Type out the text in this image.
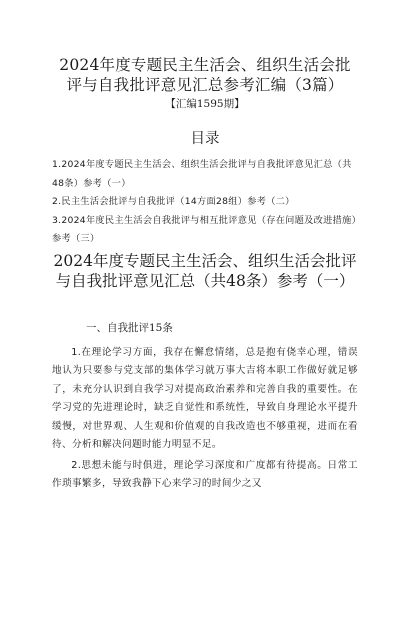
2024年度专题民主生活会、组织生活会批评与自我批评意见汇总参考汇编（3篇）
【汇编1595期】
目录
1.2024年度专题民主生活会、组织生活会批评与自我批评意见汇总（共48条）参考（一）
2.民主生活会批评与自我批评（14方面28组）参考（二）
3.2024年度民主生活会自我批评与相互批评意见（存在问题及改进措施）参考（三）
2024年度专题民主生活会、组织生活会批评与自我批评意见汇总（共48条）参考（一）
一、自我批评15条

1.在理论学习方面，我存在懈怠情绪，总是抱有侥幸心理，错误地认为只要参与党支部的集体学习就万事大吉将本职工作做好就足够了，未充分认识到自我学习对提高政治素养和完善自我的重要性。在学习党的先进理论时，缺乏自觉性和系统性，导致自身理论水平提升缓慢，对世界观、人生观和价值观的自我改造也不够重视，进而在看待、分析和解决问题时能力明显不足。

2.思想未能与时俱进，理论学习深度和广度都有待提高。日常工作琐事繁多，导致我静下心来学习的时间少之又
